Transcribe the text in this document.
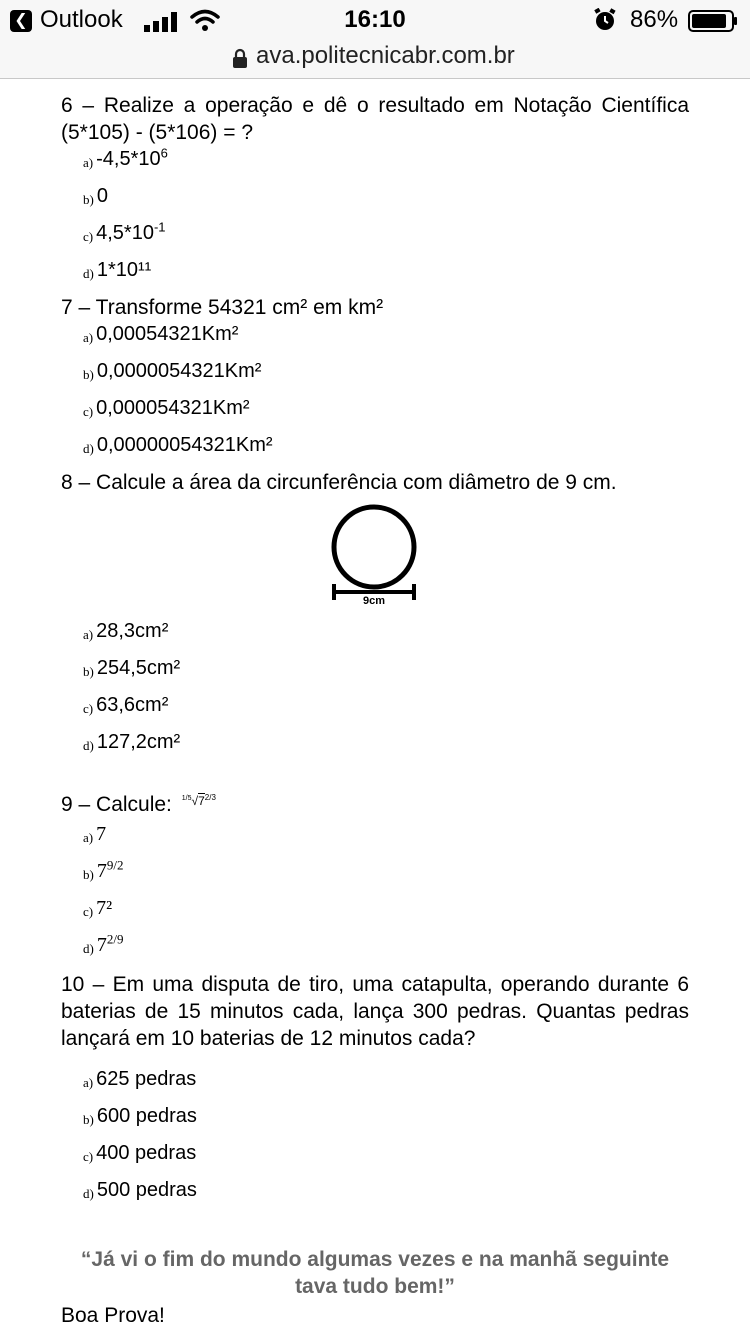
❮ Outlook	16:10	86%
ava.politecnicabr.com.br
6 – Realize a operação e dê o resultado em Notação Científica (5*105) - (5*106) = ?
a) $-4,5*10^6$
b) 0
c) $4,5*10^{-1}$
d) 1*10¹¹
7 – Transforme 54321 cm² em km²
a) 0,00054321Km²
b) 0,0000054321Km²
c) 0,000054321Km²
d) 0,00000054321Km²
8 – Calcule a área da circunferência com diâmetro de 9 cm.
9cm
a) 28,3cm²
b) 254,5cm²
c) 63,6cm²
d) 127,2cm²
9 – Calcule: $^{1/5}√7^{2/3}$
a) 7
b) $7^{9/2}$
c) 7²
d) $7^{2/9}$
10 – Em uma disputa de tiro, uma catapulta, operando durante 6 baterias de 15 minutos cada, lança 300 pedras. Quantas pedras lançará em 10 baterias de 12 minutos cada?
a) 625 pedras
b) 600 pedras
c) 400 pedras
d) 500 pedras
“Já vi o fim do mundo algumas vezes e na manhã seguinte tava tudo bem!”
Boa Prova!
